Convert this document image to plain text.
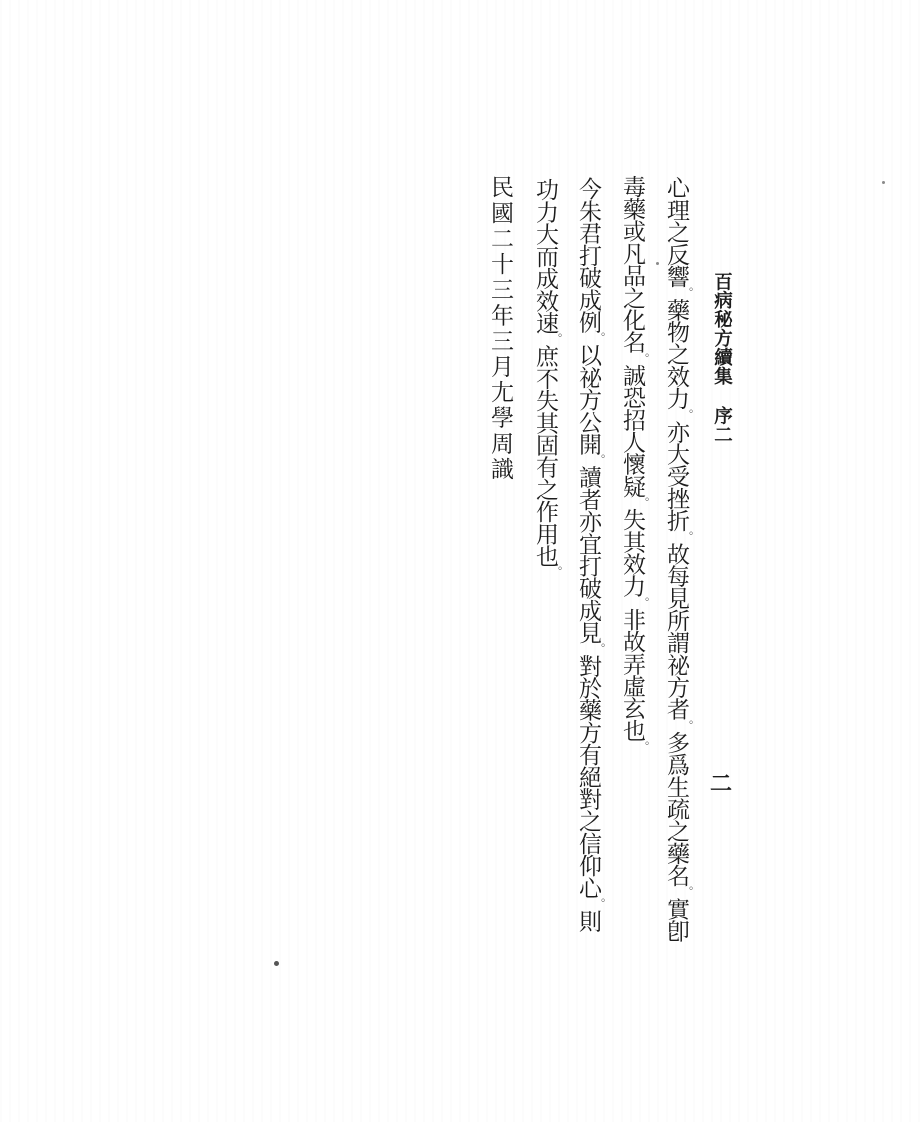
百病秘方續集序二
心理之反響。藥物之效力。亦大受挫折。故每見所謂祕方者。多爲生疏之藥名。實卽
毒藥或凡品之化名。誠恐招人懷疑。失其效力。非故弄虛玄也。
今朱君打破成例。以祕方公開。讀者亦宜打破成見。對於藥方有絕對之信仰心。則
功力大而成效速。庶不失其固有之作用也。
民國二十三年三月尢學周識
二
